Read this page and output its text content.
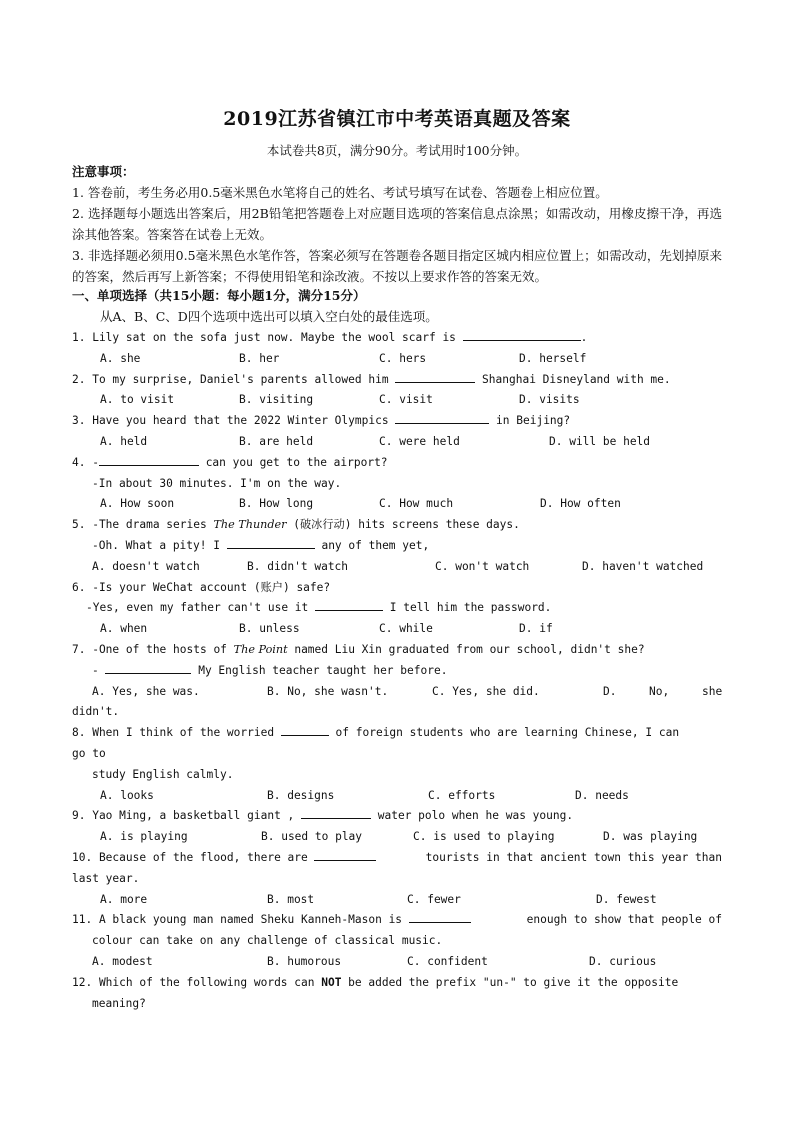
2019江苏省镇江市中考英语真题及答案
本试卷共8页，满分90分。考试用时100分钟。

注意事项：

1. 答卷前，考生务必用0.5毫米黑色水笔将自己的姓名、考试号填写在试卷、答题卷上相应位置。

2. 选择题每小题选出答案后，用2B铅笔把答题卷上对应题目选项的答案信息点涂黑；如需改动，用橡皮擦干净，再选涂其他答案。答案答在试卷上无效。

3. 非选择题必须用0.5毫米黑色水笔作答，答案必须写在答题卷各题目指定区城内相应位置上；如需改动，先划掉原来的答案，然后再写上新答案；不得使用铅笔和涂改液。不按以上要求作答的答案无效。

一、单项选择（共15小题：每小题1分，满分15分）
从A、B、C、D四个选项中选出可以填入空白处的最佳选项。
1. Lily sat on the sofa just now. Maybe the wool scarf is	.
A. she	B. her	C. hers	D. herself
2. To my surprise, Daniel's parents allowed him	Shanghai Disneyland with me.
A. to visit	B. visiting	C. visit	D. visits
3. Have you heard that the 2022 Winter Olympics	in Beijing?
A. held	B. are held	C. were held	D. will be held
4. -	can you get to the airport?
-In about 30 minutes. I'm on the way.
A. How soon	B. How long	C. How much	D. How often
5. -The drama series The Thunder (破冰行动) hits screens these days.
-Oh. What a pity! I	any of them yet,
A. doesn't watch	B. didn't watch	C. won't watch	D. haven't watched
6. -Is your WeChat account (账户) safe?
-Yes, even my father can't use it	I tell him the password.
A. when	B. unless	C. while	D. if
7. -One of the hosts of The Point named Liu Xin graduated from our school, didn't she?
-	My English teacher taught her before.
A. Yes, she was.	B. No, she wasn't.	C. Yes, she did.	D.	No,	she
didn't.
8. When I think of the worried	of foreign students who are learning Chinese, I can
go to
study English calmly.
A. looks	B. designs	C. efforts	D. needs
9. Yao Ming, a basketball giant ,	water polo when he was young.
A. is playing	B. used to play	C. is used to playing	D. was playing
10. Because of the flood, there are	tourists in that ancient town this year than
last year.
A. more	B. most	C. fewer	D. fewest
11. A black young man named Sheku Kanneh-Mason is	enough to show that people of
colour can take on any challenge of classical music.
A. modest	B. humorous	C. confident	D. curious
12. Which of the following words can NOT be added the prefix "un-" to give it the opposite
meaning?
